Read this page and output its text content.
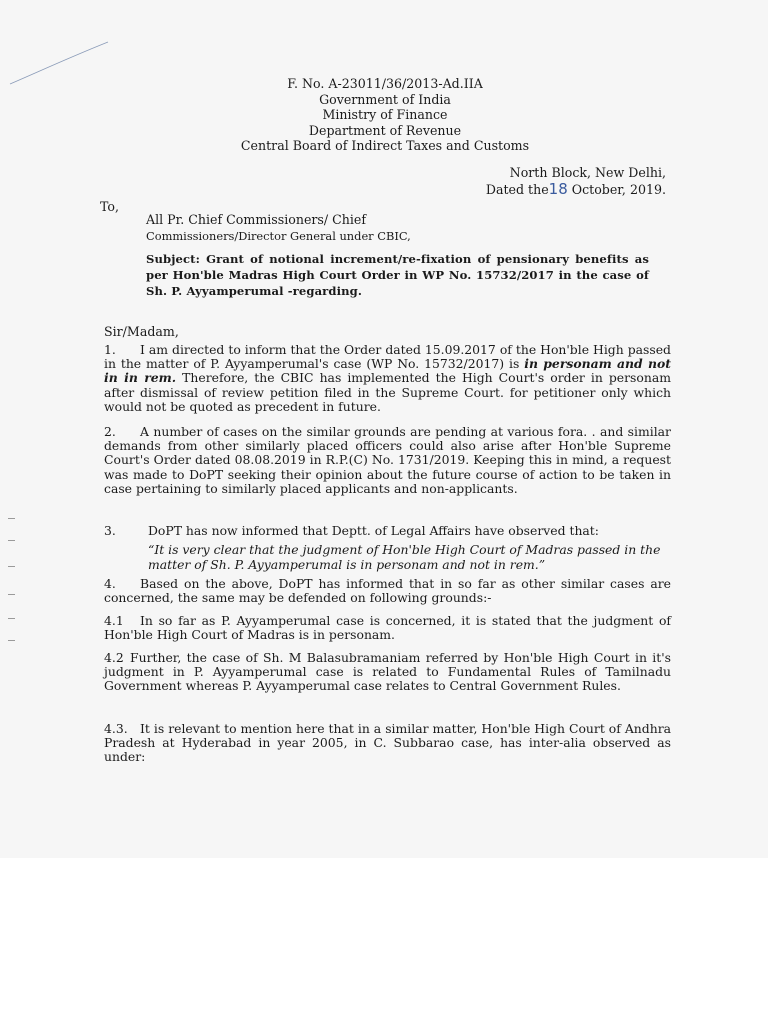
F. No. A-23011/36/2013-Ad.IIA
Government of India
Ministry of Finance
Department of Revenue
Central Board of Indirect Taxes and Customs
North Block, New Delhi,
Dated the18 October, 2019.
To,
All Pr. Chief Commissioners/ Chief
Commissioners/Director General under CBIC,
Subject: Grant of notional increment/re-fixation of pensionary benefits as per Hon'ble Madras High Court Order in WP No. 15732/2017 in the case of Sh. P. Ayyamperumal -regarding.
Sir/Madam,
1. I am directed to inform that the Order dated 15.09.2017 of the Hon'ble High passed in the matter of P. Ayyamperumal's case (WP No. 15732/2017) is in personam and not in in rem. Therefore, the CBIC has implemented the High Court's order in personam after dismissal of review petition filed in the Supreme Court. for petitioner only which would not be quoted as precedent in future.
2. A number of cases on the similar grounds are pending at various fora. . and similar demands from other similarly placed officers could also arise after Hon'ble Supreme Court's Order dated 08.08.2019 in R.P.(C) No. 1731/2019. Keeping this in mind, a request was made to DoPT seeking their opinion about the future course of action to be taken in case pertaining to similarly placed applicants and non-applicants.
3.	DoPT has now informed that Deptt. of Legal Affairs have observed that:
“It is very clear that the judgment of Hon'ble High Court of Madras passed in the matter of Sh. P. Ayyamperumal is in personam and not in rem.”
4. Based on the above, DoPT has informed that in so far as other similar cases are concerned, the same may be defended on following grounds:-
4.1 In so far as P. Ayyamperumal case is concerned, it is stated that the judgment of Hon'ble High Court of Madras is in personam.
4.2 Further, the case of Sh. M Balasubramaniam referred by Hon'ble High Court in it's judgment in P. Ayyamperumal case is related to Fundamental Rules of Tamilnadu Government whereas P. Ayyamperumal case relates to Central Government Rules.
4.3. It is relevant to mention here that in a similar matter, Hon'ble High Court of Andhra Pradesh at Hyderabad in year 2005, in C. Subbarao case, has inter-alia observed as under:
